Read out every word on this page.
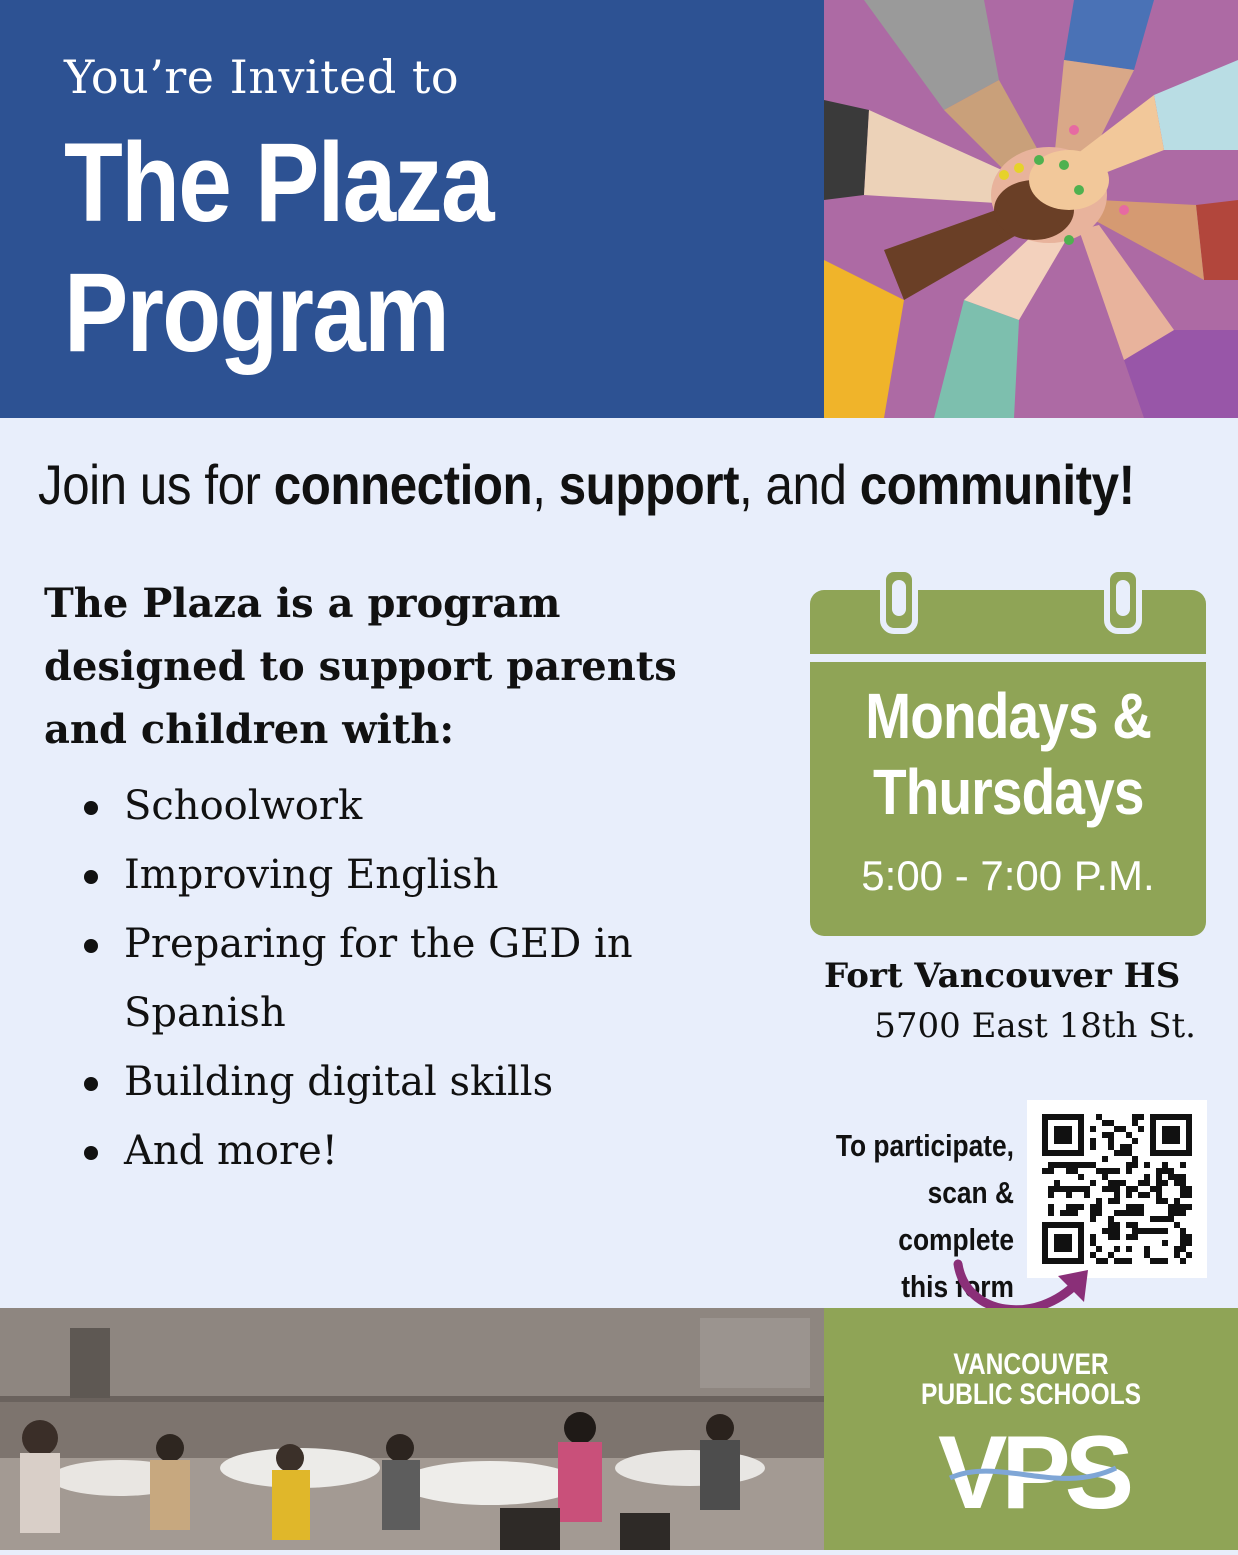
You’re Invited to
The Plaza
Program
Join us for connection, support, and community!
The Plaza is a program
designed to support parents
and children with:
Schoolwork
Improving English
Preparing for the GED in Spanish
Building digital skills
And more!
Mondays &
Thursdays
5:00 - 7:00 P.M.
Fort Vancouver HS
5700 East 18th St.
To participate,
scan & complete
this form
VANCOUVER
PUBLIC SCHOOLS
VPS
